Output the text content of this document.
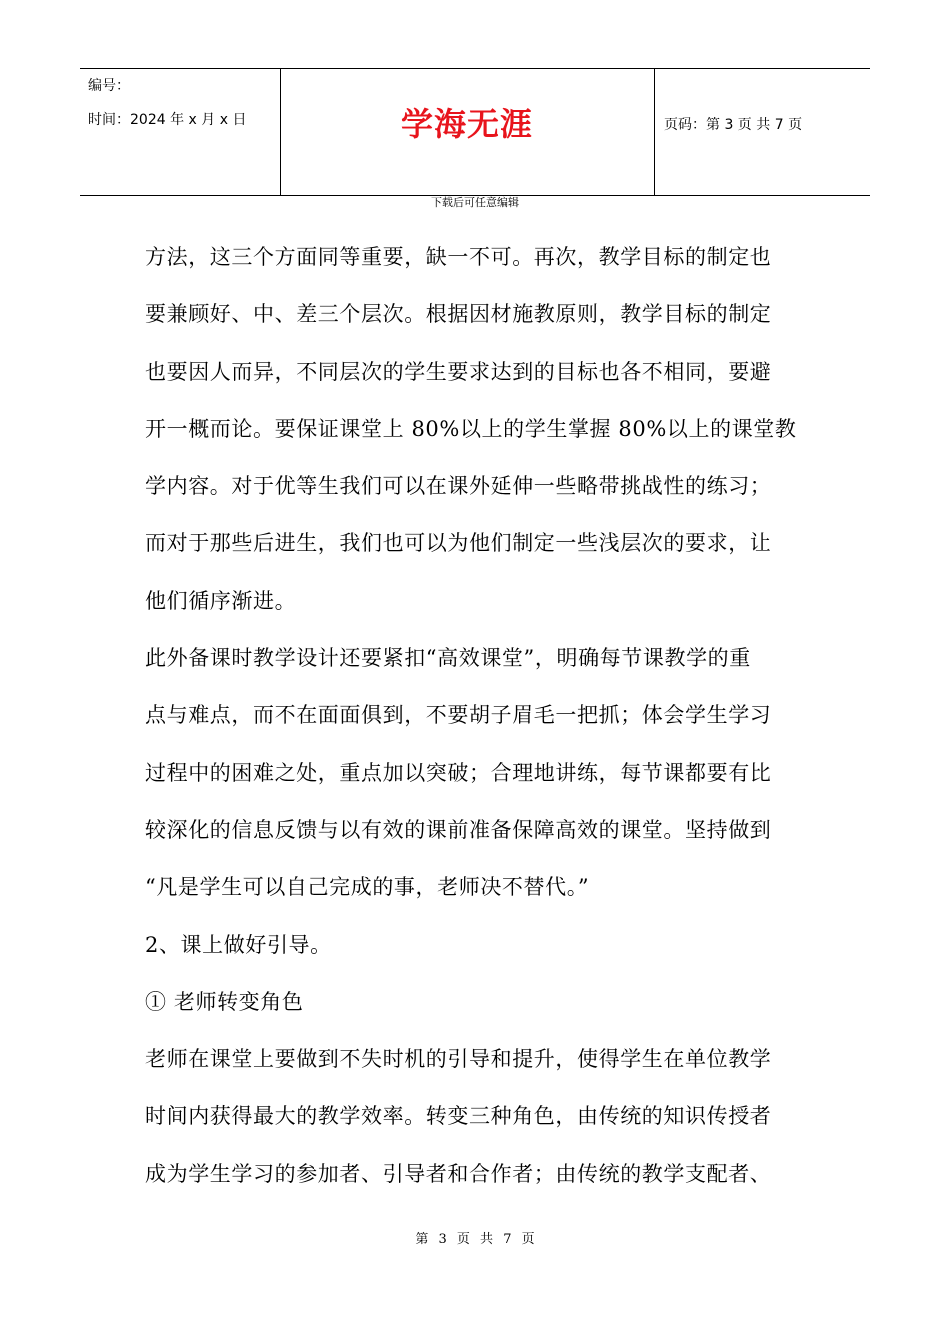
编号：
时间：2024 年 x 月 x 日	学海无涯	页码：第 3 页 共 7 页
下载后可任意编辑
方法，这三个方面同等重要，缺一不可。再次，教学目标的制定也
要兼顾好、中、差三个层次。根据因材施教原则，教学目标的制定
也要因人而异，不同层次的学生要求达到的目标也各不相同，要避
开一概而论。要保证课堂上 80%以上的学生掌握 80%以上的课堂教
学内容。对于优等生我们可以在课外延伸一些略带挑战性的练习；
而对于那些后进生，我们也可以为他们制定一些浅层次的要求，让
他们循序渐进。
此外备课时教学设计还要紧扣“高效课堂”，明确每节课教学的重
点与难点，而不在面面俱到，不要胡子眉毛一把抓；体会学生学习
过程中的困难之处，重点加以突破；合理地讲练，每节课都要有比
较深化的信息反馈与以有效的课前准备保障高效的课堂。坚持做到
“凡是学生可以自己完成的事，老师决不替代。”
2、课上做好引导。
① 老师转变角色
老师在课堂上要做到不失时机的引导和提升，使得学生在单位教学
时间内获得最大的教学效率。转变三种角色，由传统的知识传授者
成为学生学习的参加者、引导者和合作者；由传统的教学支配者、
第 3 页 共 7 页
